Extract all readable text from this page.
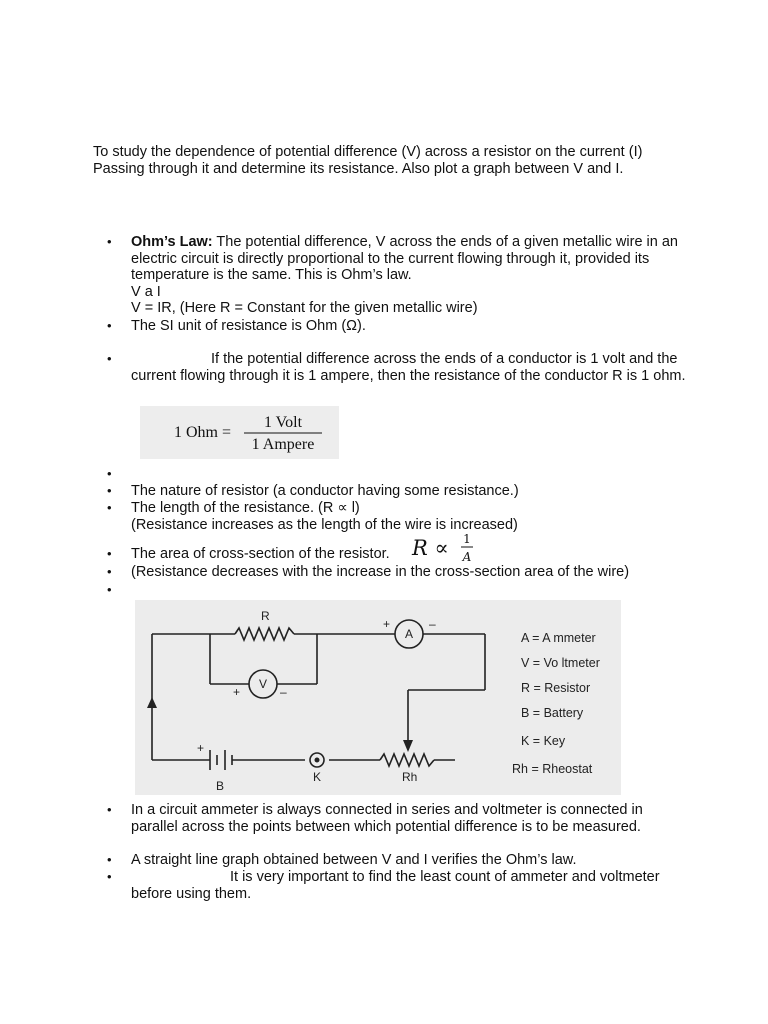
To study the dependence of potential difference (V) across a resistor on the current (I) Passing through it and determine its resistance. Also plot a graph between V and I.

• Ohm’s Law: The potential difference, V across the ends of a given metallic wire in an electric circuit is directly proportional to the current flowing through it, provided its temperature is the same. This is Ohm’s law.
V a I
V = IR, (Here R = Constant for the given metallic wire)

• The SI unit of resistance is Ohm (Ω).

• If the potential difference across the ends of a conductor is 1 volt and the current flowing through it is 1 ampere, then the resistance of the conductor R is 1 ohm.

1 Ohm =
1 Volt
1 Ampere

•

• The nature of resistor (a conductor having some resistance.)

• The length of the resistance. (R ∝ l)
(Resistance increases as the length of the wire is increased)

• The area of cross-section of the resistor.	R ∝ 1
A

• (Resistance decreases with the increase in the cross-section area of the wire)

•

R
V
+	–
A
+	–
+
B
K	Rh
A = A mmeter
V = Vo ltmeter
R = Resistor
B = Battery
K = Key
Rh = Rheostat

• In a circuit ammeter is always connected in series and voltmeter is connected in parallel across the points between which potential difference is to be measured.

• A straight line graph obtained between V and I verifies the Ohm’s law.

• It is very important to find the least count of ammeter and voltmeter before using them.
